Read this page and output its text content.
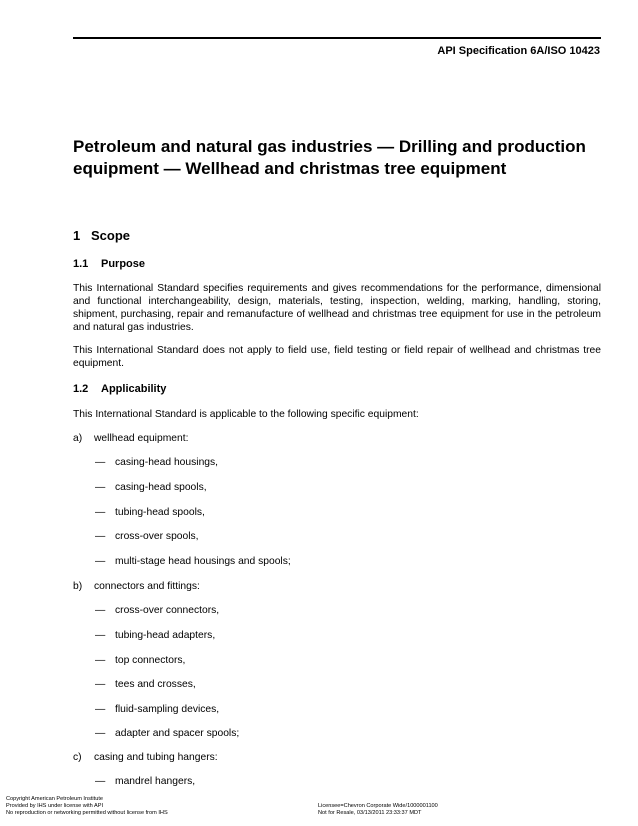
API Specification 6A/ISO 10423
Petroleum and natural gas industries — Drilling and production equipment — Wellhead and christmas tree equipment
1 Scope
1.1 Purpose

This International Standard specifies requirements and gives recommendations for the performance, dimensional and functional interchangeability, design, materials, testing, inspection, welding, marking, handling, storing, shipment, purchasing, repair and remanufacture of wellhead and christmas tree equipment for use in the petroleum and natural gas industries.

This International Standard does not apply to field use, field testing or field repair of wellhead and christmas tree equipment.

1.2 Applicability
This International Standard is applicable to the following specific equipment:
a) wellhead equipment:
— casing-head housings,
— casing-head spools,
— tubing-head spools,
— cross-over spools,
— multi-stage head housings and spools;
b) connectors and fittings:
— cross-over connectors,
— tubing-head adapters,
— top connectors,
— tees and crosses,
— fluid-sampling devices,
— adapter and spacer spools;
c) casing and tubing hangers:
— mandrel hangers,
Copyright American Petroleum Institute
Provided by IHS under license with API
No reproduction or networking permitted without license from IHS
Licensee=Chevron Corporate Wide/1000001100
Not for Resale, 03/13/2011 23:33:37 MDT
